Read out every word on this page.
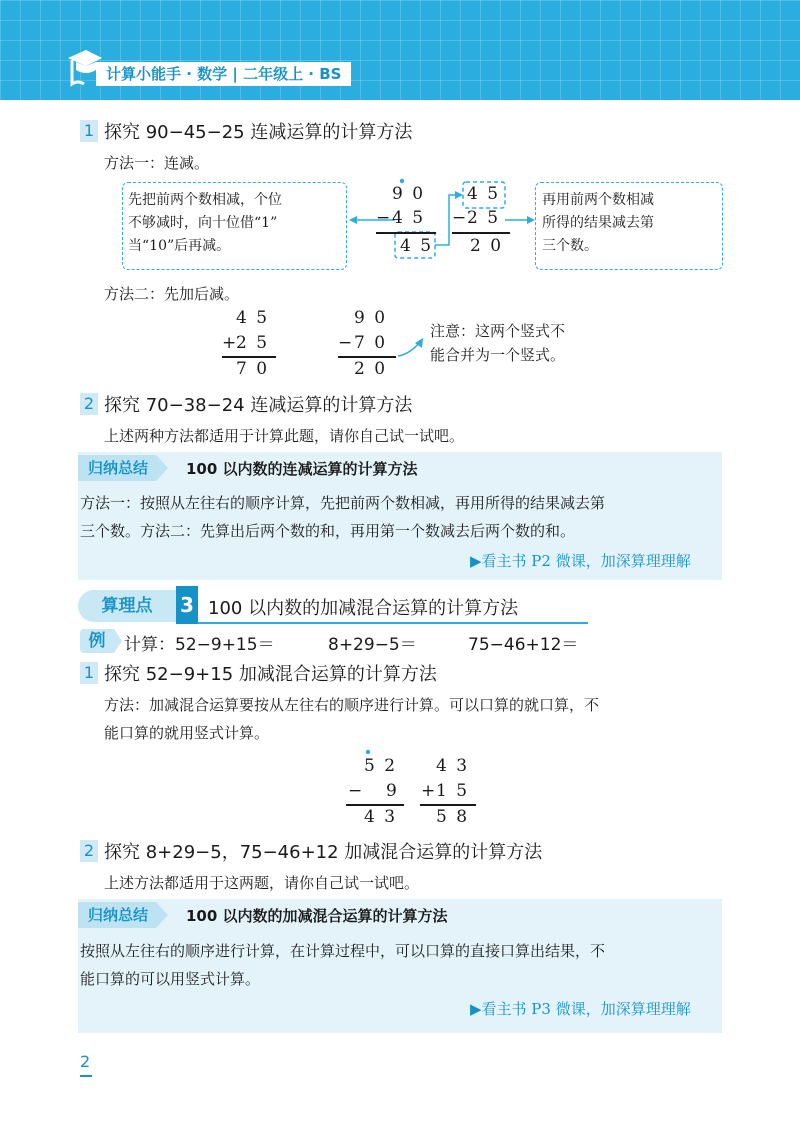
计算小能手 · 数学 | 二年级上 · BS
1 探究 90−45−25 连减运算的计算方法
方法一：连减。
先把前两个数相减，个位
不够减时，向十位借“1”
当“10”后再减。
再用前两个数相减
所得的结果减去第
三个数。
9 0
− 4 5
4 5
4 5
− 2 5
2 0
方法二：先加后减。
4 5
+ 2 5
7 0
9 0
− 7 0
2 0
注意：这两个竖式不
能合并为一个竖式。
2 探究 70−38−24 连减运算的计算方法
上述两种方法都适用于计算此题，请你自己试一试吧。
归纳总结	100 以内数的连减运算的计算方法
方法一：按照从左往右的顺序计算，先把前两个数相减，再用所得的结果减去第
三个数。方法二：先算出后两个数的和，再用第一个数减去后两个数的和。
▶看主书 P2 微课，加深算理理解
算理点	3 100 以内数的加减混合运算的计算方法
例	计算：52−9+15＝	8+29−5＝	75−46+12＝
1 探究 52−9+15 加减混合运算的计算方法
方法：加减混合运算要按从左往右的顺序进行计算。可以口算的就口算，不
能口算的就用竖式计算。
5 2
− 9
4 3
4 3
+ 1 5
5 8
2 探究 8+29−5，75−46+12 加减混合运算的计算方法
上述方法都适用于这两题，请你自己试一试吧。
归纳总结	100 以内数的加减混合运算的计算方法
按照从左往右的顺序进行计算，在计算过程中，可以口算的直接口算出结果，不
能口算的可以用竖式计算。
▶看主书 P3 微课，加深算理理解
2
